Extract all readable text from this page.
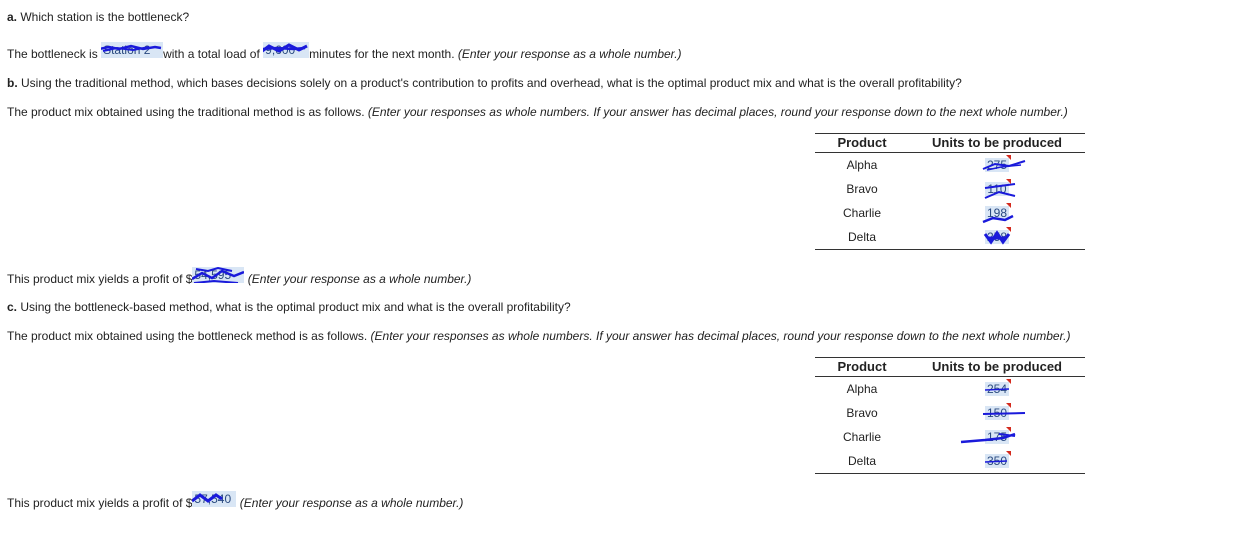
a. Which station is the bottleneck?
The bottleneck is Station 2 with a total load of 9,600 minutes for the next month. (Enter your response as a whole number.)
b. Using the traditional method, which bases decisions solely on a product's contribution to profits and overhead, what is the optimal product mix and what is the overall profitability?
The product mix obtained using the traditional method is as follows. (Enter your responses as whole numbers. If your answer has decimal places, round your response down to the next whole number.)
Product	Units to be produced
Alpha	275

Bravo	110

Charlie	198

Delta	258
This product mix yields a profit of $ 54,595 (Enter your response as a whole number.)
c. Using the bottleneck-based method, what is the optimal product mix and what is the overall profitability?
The product mix obtained using the bottleneck method is as follows. (Enter your responses as whole numbers. If your answer has decimal places, round your response down to the next whole number.)
Product	Units to be produced
Alpha	254

Bravo	150

Charlie	175

Delta	350
This product mix yields a profit of $ 57,540 (Enter your response as a whole number.)
